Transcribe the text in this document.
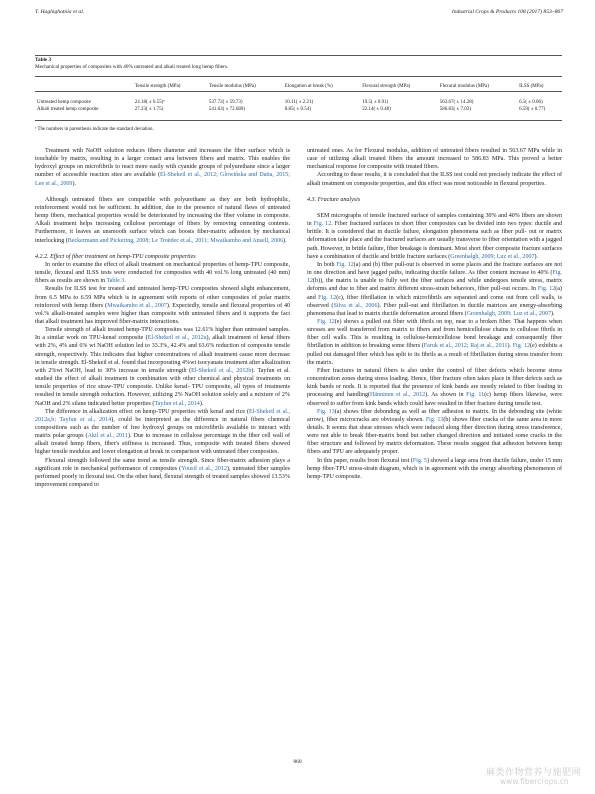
T. Haghighatnia et al.	Industrial Crops & Products 108 (2017) 853–867
Table 3
Mechanical properties of composites with 40% untreated and alkali treated long hemp fibers.
	Tensile strength (MPa)	Tensile modulus (MPa)	Elongation at break (%)	Flexural strength (MPa)	Flexural modulus (MPa)	ILSS (MPa)

Untreated hemp composite	24.18( ± 6.55)ᵃ	537.72( ± 59.73)	10.11( ± 2.21)	19.5( ± 0.91)	563.67( ± 14.28)	6.5( ± 0.06)
Alkali treated hemp composite	27.23( ± 1.75)	541.63( ± 72.680)	8.85( ± 0.54)	22.14( ± 0.48)	586.83( ± 7.03)	6.59( ± 0.77)
ᵃ The numbers in parenthesis indicate the standard deviation.

Treatment with NaOH solution reduces fibers diameter and increases the fiber surface which is touchable by matrix, resulting in a larger contact area between fibers and matrix. This enables the hydroxyl groups on microfibrils to react more easily with cyanide groups of polyurethane since a larger number of accessible reaction sites are available (El-Shekeil et al., 2012; Glowińska and Datta, 2015; Lee et al., 2009).

Although untreated fibers are compatible with polyurethane as they are both hydrophilic, reinforcement would not be sufficient. In addition, due to the presence of natural flaws of untreated hemp fibers, mechanical properties would be deteriorated by increasing the fiber volume in composite. Alkali treatment helps increasing cellulose percentage of fibers by removing cementing contents. Furthermore, it leaves an unsmooth surface which can boosts fiber-matrix adhesion by mechanical interlocking (Beckermann and Pickering, 2008; Le Troëdec et al., 2011; Mwaikambo and Ansell, 2006).

4.2.2. Effect of fiber treatment on hemp-TPU composite properties

In order to examine the effect of alkali treatment on mechanical properties of hemp-TPU composite, tensile, flexural and ILSS tests were conducted for composites with 40 vol.% long untreated (40 mm) fibers as results are shown in Table 3.

Results for ILSS test for treated and untreated hemp-TPU composites showed slight enhancement, from 6.5 MPa to 6.59 MPa which is in agreement with reports of other composites of polar matrix reinforced with hemp fibers (Mwaikambo et al., 2007). Expectedly, tensile and flexural properties of 40 vol.% alkali-treated samples were higher than composite with untreated fibers and it supports the fact that alkali treatment has improved fiber-matrix interactions.

Tensile strength of alkali treated hemp-TPU composites was 12.61% higher than untreated samples. In a similar work on TPU-kenaf composite (El-Shekeil et al., 2012a), alkali treatment of kenaf fibers with 2%, 4% and 6% wt NaOH solution led to 33.3%, 42.4% and 63.6% reduction of composite tensile strength, respectively. This indicates that higher concentrations of alkali treatment cause more decrease in tensile strength. El-Shekeil et al. found that incorporating 4%wt isocyanate treatment after alkalization with 2%wt NaOH, lead to 30% increase in tensile strength (El-Shekeil et al., 2012b). Tayfun et al. studied the effect of alkali treatment in combination with other chemical and physical treatments on tensile properties of rice straw-TPU composite. Unlike kenaf- TPU composite, all types of treatments resulted in tensile strength reduction. However, utilizing 2% NaOH solution solely and a mixture of 2% NaOH and 2% silane indicated better properties (Tayfun et al., 2014).

The difference in alkalization effect on hemp-TPU properties with kenaf and rice (El-Shekeil et al., 2012a,b; Tayfun et al., 2014), could be interpreted as the difference in natural fibers chemical compositions such as the number of free hydroxyl groups on microfibrils available to interact with matrix polar groups (Akil et al., 2011). Due to increase in cellulose percentage in the fiber cell wall of alkali treated hemp fibers, fiber's stiffness is increased. Thus, composite with treated fibers showed higher tensile modulus and lower elongation at break in comparison with untreated fiber composites.

Flexural strength followed the same trend as tensile strength. Since fiber-matrix adhesion plays a significant role in mechanical performance of composites (Yousif et al., 2012), untreated fiber samples performed poorly in flexural test. On the other hand, flexural strength of treated samples showed 13.53% improvement compared to

untreated ones. As for Flexural modulus, addition of untreated fibers resulted in 563.67 MPa while in case of utilizing alkali treated fibers the amount increased to 586.83 MPa. This proved a better mechanical response for composite with treated fibers.

According to these results, it is concluded that the ILSS test could not precisely indicate the effect of alkali treatment on composite properties, and this effect was most noticeable in flexural properties.

4.3. Fracture analysis

SEM micrographs of tensile fractured surface of samples containing 30% and 40% fibers are shown in Fig. 12. Fiber fractured surfaces in short fiber composites can be divided into two types: ductile and brittle. It is considered that in ductile failure, elongation phenomena such as fiber pull- out or matrix deformation take place and the fractured surfaces are usually transverse to fiber orientation with a jagged path. However, in brittle failure, fiber breakage is dominant. Most short fiber composite fracture surfaces have a combination of ductile and brittle fracture surfaces (Greenhalgh, 2009; Luz et al., 2007).

In both Fig. 12(a) and (b) fiber pull-out is observed in some places and the fracture surfaces are not in one direction and have jagged paths, indicating ductile failure. As fiber content increase to 40% (Fig. 12(b)), the matrix is unable to fully wet the fiber surfaces and while undergoes tensile stress, matrix deforms and due to fiber and matrix different stress-strain behaviors, fiber pull-out occurs. In Fig. 12(a) and Fig. 12(c), fiber fibrillation in which microfibrils are separated and come out from cell walls, is observed (Silva et al., 2006). Fiber pull-out and fibrillation in ductile matrices are energy-absorbing phenomena that lead to matrix ductile deformation around fibers (Greenhalgh, 2009; Luz et al., 2007).

Fig. 12(e) shows a pulled out fiber with fibrils on top, near to a broken fiber. That happens when stresses are well transferred from matrix to fibers and from hemicellulose chains to cellulose fibrils in fiber cell walls. This is resulting in cellulose-hemicellulose bond breakage and consequently fiber fibrillation in addition to breaking some fibers (Faruk et al., 2012; Raj et al., 2011). Fig. 12(e) exhibits a pulled out damaged fiber which has split to its fibrils as a result of fibrillation during stress transfer from the matrix.

Fiber fractures in natural fibers is also under the control of fiber defects which become stress concentration zones during stress loading. Hence, fiber fracture often takes place in fiber defects such as kink bands or nods. It is reported that the presence of kink bands are mostly related to fiber loading in processing and handling(Hänninen et al., 2012). As shown in Fig. 11(c) hemp fibers likewise, were observed to suffer from kink bands which could have resulted in fiber fracture during tensile test.

Fig. 13(a) shows fiber debonding as well as fiber adhesion to matrix. In the debonding site (white arrow), fiber microcracks are obviously shown. Fig. 13(b) shows fiber cracks of the same area in more details. It seems that shear stresses which were induced along fiber direction during stress transference, were not able to break fiber-matrix bond but rather changed direction and initiated some cracks in the fiber structure and followed by matrix deformation. These results suggest that adhesion between hemp fibers and TPU are adequately proper.

In this paper, results from flexural test (Fig. 5) showed a large area from ductile failure, under 15 mm hemp fiber-TPU stress-strain diagram, which is in agreement with the energy absorbing phenomenon of hemp-TPU composite.

860
麻类作物营养与施肥网
www.fibercrops.cn
